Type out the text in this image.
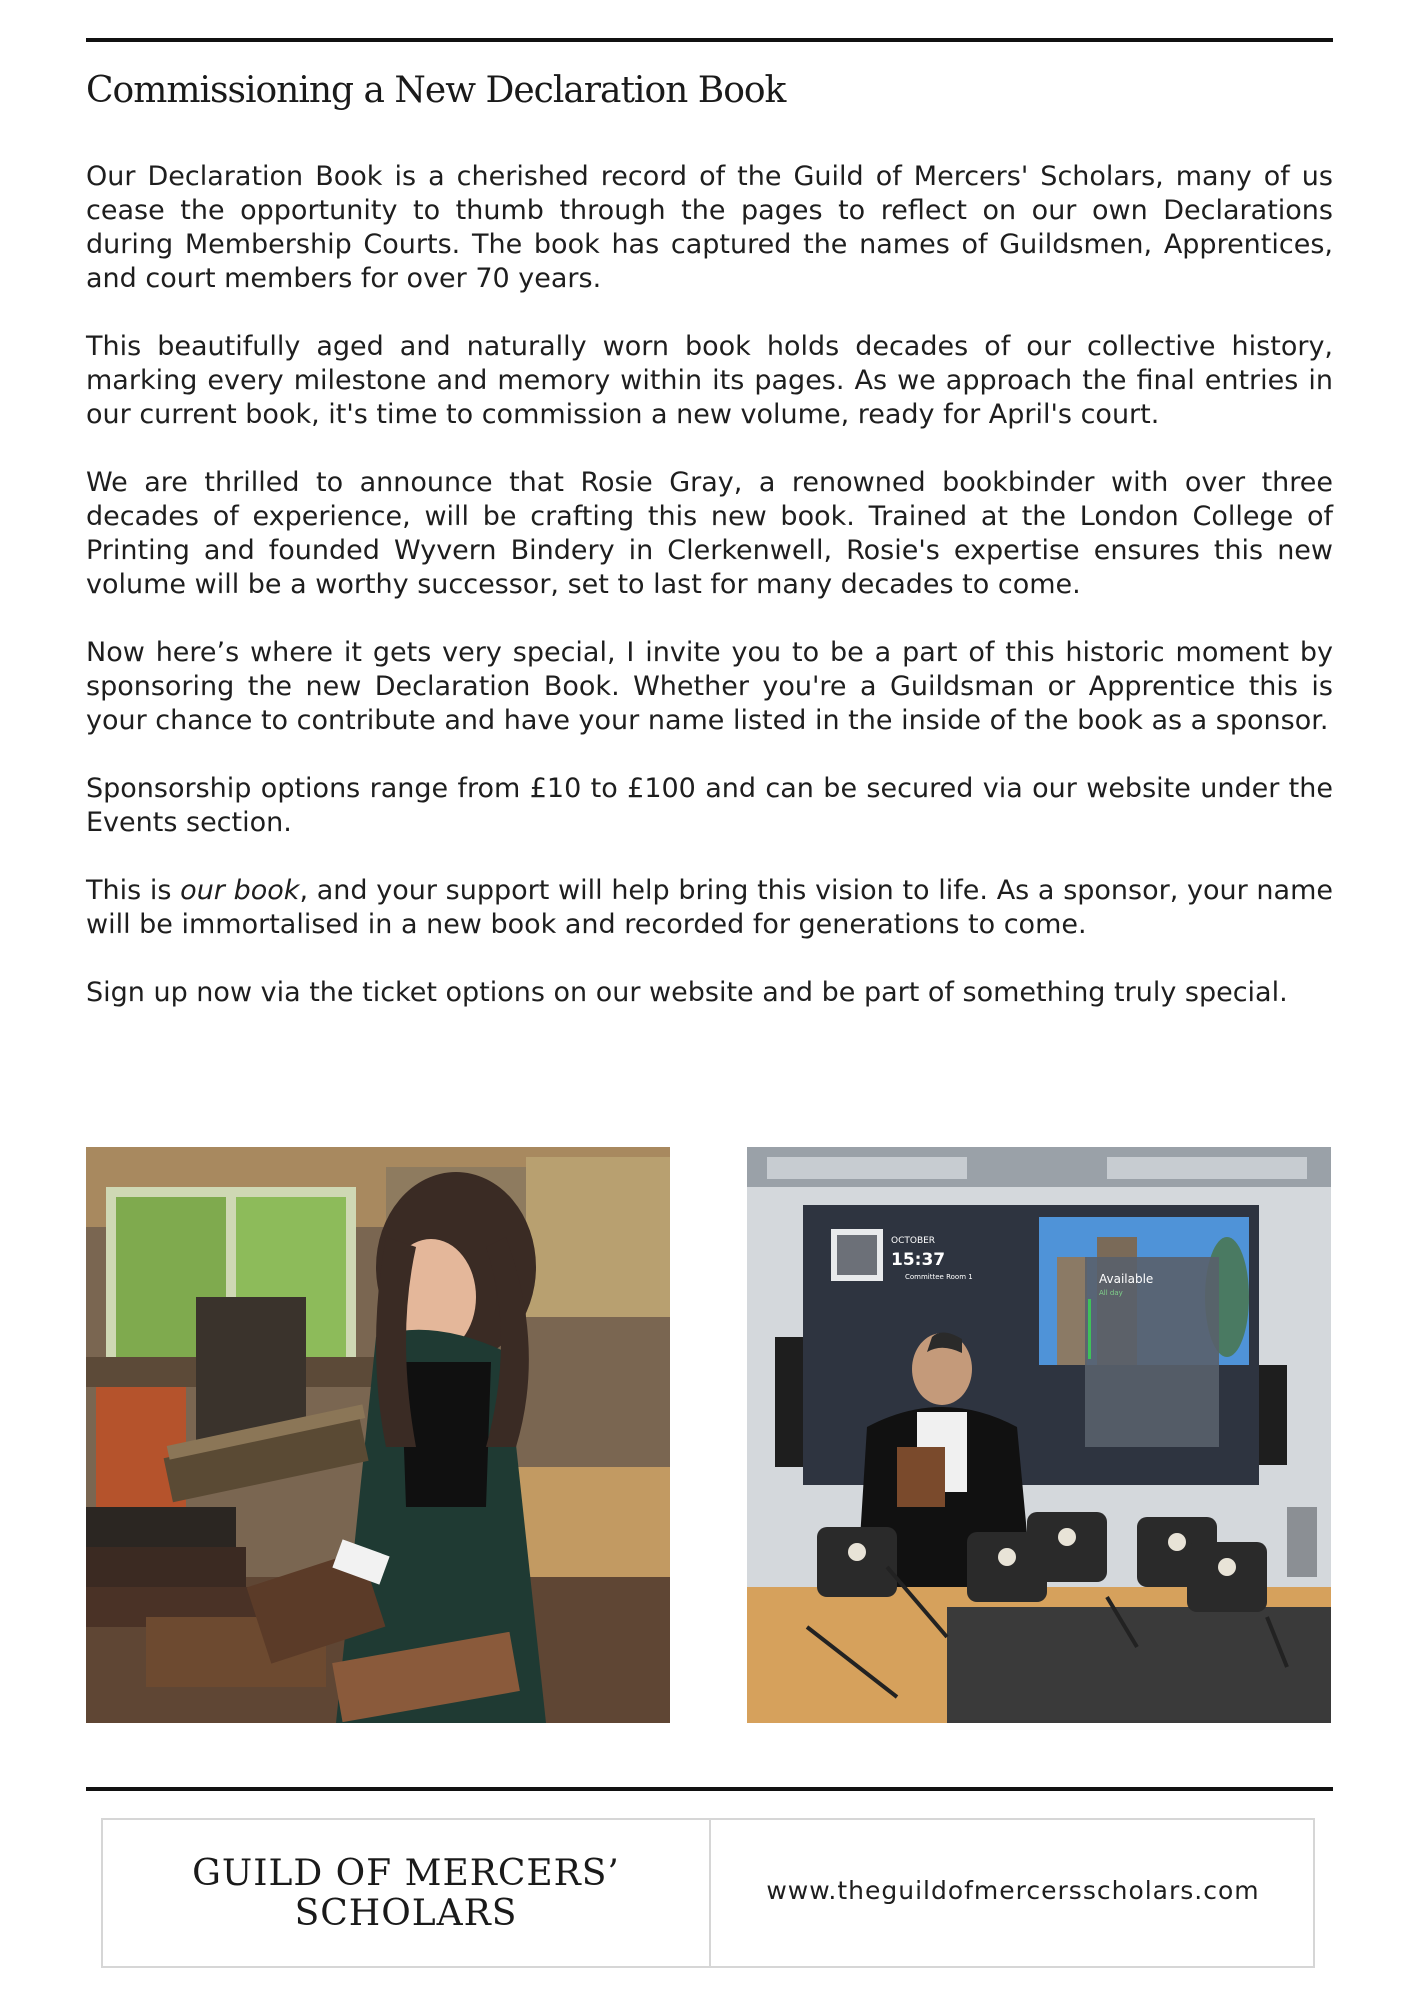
Commissioning a New Declaration Book

Our Declaration Book is a cherished record of the Guild of Mercers' Scholars, many of us cease the opportunity to thumb through the pages to reflect on our own Declarations during Membership Courts. The book has captured the names of Guildsmen, Apprentices, and court members for over 70 years.

This beautifully aged and naturally worn book holds decades of our collective history, marking every milestone and memory within its pages. As we approach the final entries in our current book, it's time to commission a new volume, ready for April's court.

We are thrilled to announce that Rosie Gray, a renowned bookbinder with over three decades of experience, will be crafting this new book. Trained at the London College of Printing and founded Wyvern Bindery in Clerkenwell, Rosie's expertise ensures this new volume will be a worthy successor, set to last for many decades to come.

Now here’s where it gets very special, I invite you to be a part of this historic moment by sponsoring the new Declaration Book. Whether you're a Guildsman or Apprentice this is your chance to contribute and have your name listed in the inside of the book as a sponsor.

Sponsorship options range from £10 to £100 and can be secured via our website under the Events section.

This is our book, and your support will help bring this vision to life. As a sponsor, your name will be immortalised in a new book and recorded for generations to come.

Sign up now via the ticket options on our website and be part of something truly special.

OCTOBER
15:37
Committee Room 1	Available
All day
GUILD OF MERCERS’
SCHOLARS
www.theguildofmercersscholars.com
